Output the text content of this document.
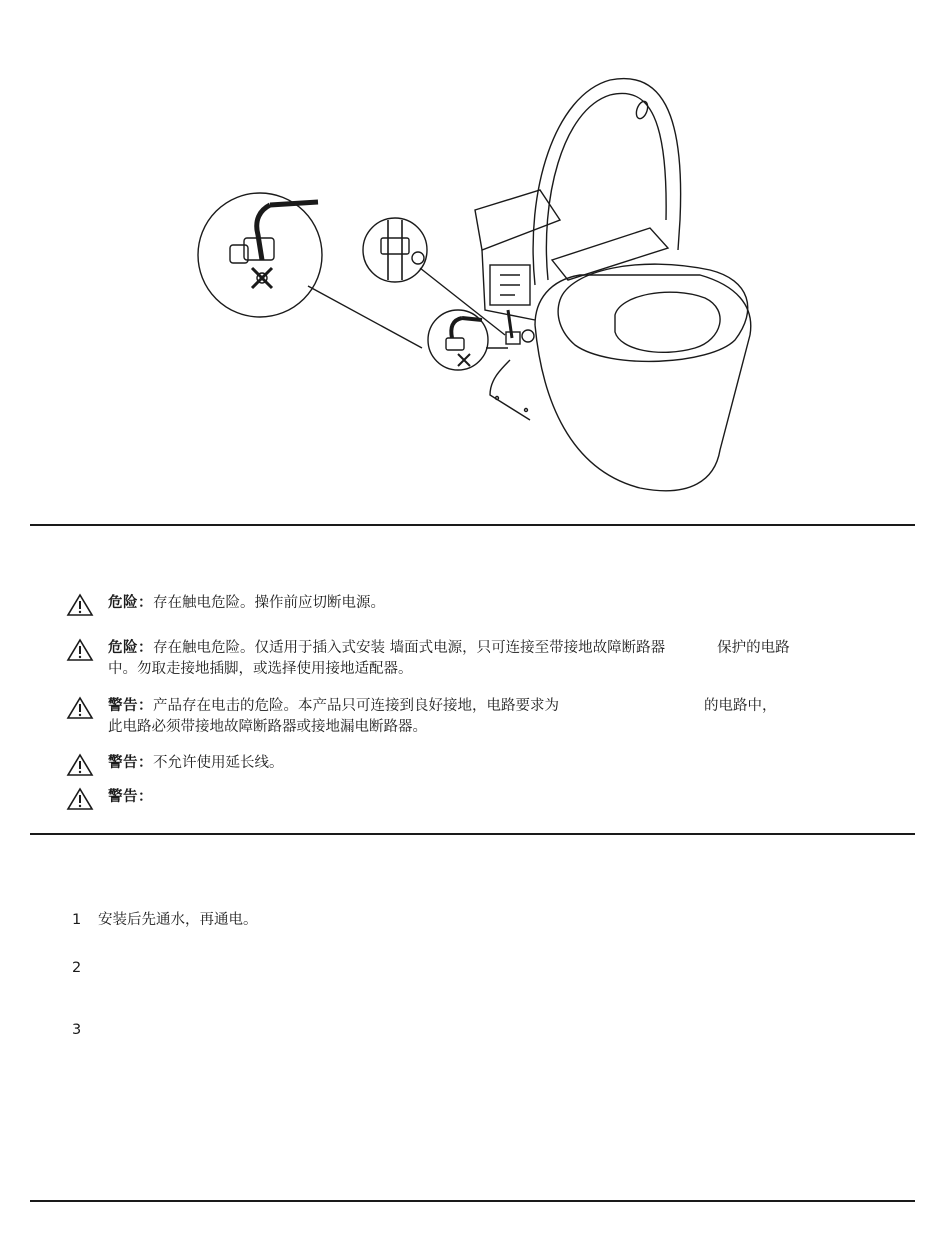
危险：存在触电危险。操作前应切断电源。
危险：存在触电危险。仅适用于插入式安装 墙面式电源，只可连接至带接地故障断路器	保护的电路
中。勿取走接地插脚，或选择使用接地适配器。
警告：产品存在电击的危险。本产品只可连接到良好接地，电路要求为	的电路中，
此电路必须带接地故障断路器或接地漏电断路器。
警告：不允许使用延长线。
警告：
1 安装后先通水，再通电。
2
3
